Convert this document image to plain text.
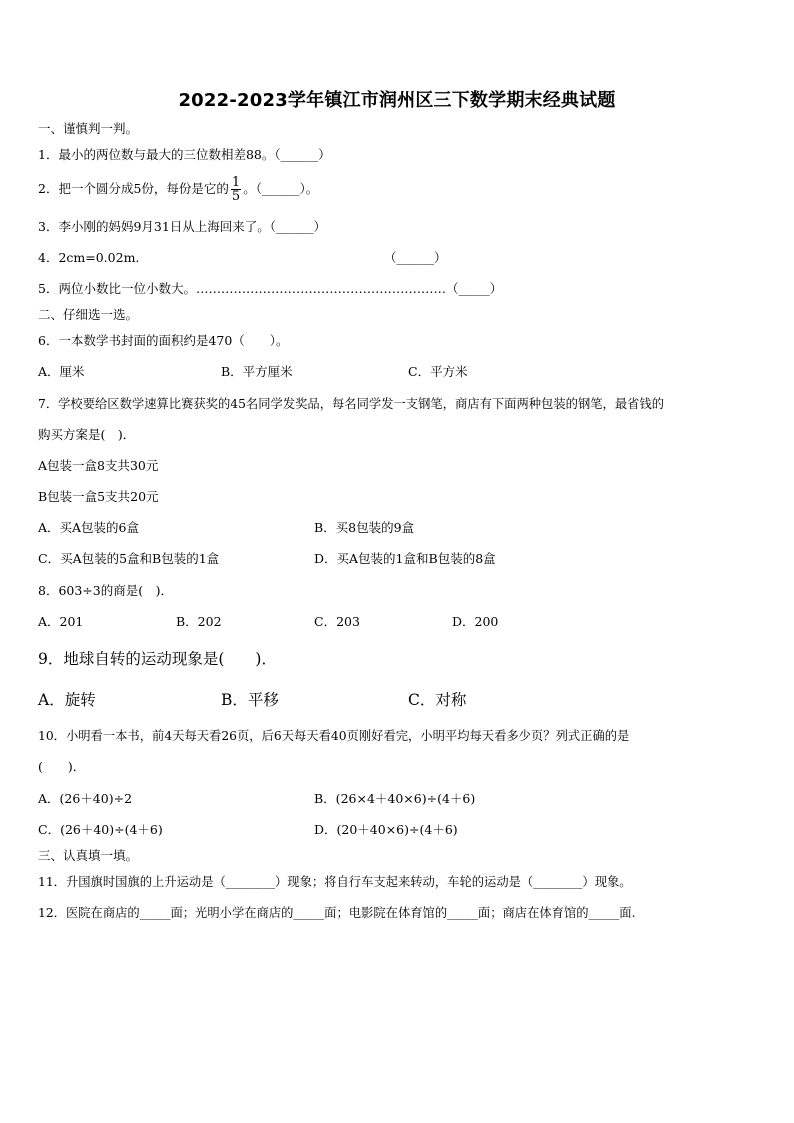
2022-2023学年镇江市润州区三下数学期末经典试题
一、谨慎判一判。
1．最小的两位数与最大的三位数相差88。（______）
2．把一个圆分成5份，每份是它的 $\frac{1}{5}$ 。（______）。
3．李小刚的妈妈9月31日从上海回来了。（______）
4．2cm=0.02m.	（______）
5．两位小数比一位小数大。……………………………………………………（_____）
二、仔细选一选。
6．一本数学书封面的面积约是470（　　）。
A．厘米	B．平方厘米	C．平方米
7．学校要给区数学速算比赛获奖的45名同学发奖品，每名同学发一支钢笔，商店有下面两种包装的钢笔，最省钱的
购买方案是(　)．
A包装一盒8支共30元
B包装一盒5支共20元
A．买A包装的6盒	B．买8包装的9盒
C．买A包装的5盒和B包装的1盒	D．买A包装的1盒和B包装的8盒
8．603÷3的商是(　)．
A．201	B．202	C．203	D．200
9．地球自转的运动现象是(　　)．
A．旋转	B．平移	C．对称
10．小明看一本书，前4天每天看26页，后6天每天看40页刚好看完，小明平均每天看多少页？列式正确的是
(　　)．
A．(26＋40)÷2	B．(26×4＋40×6)÷(4＋6)
C．(26＋40)÷(4＋6)	D．(20＋40×6)÷(4＋6)
三、认真填一填。
11．升国旗时国旗的上升运动是（________）现象；将自行车支起来转动，车轮的运动是（________）现象。
12．医院在商店的_____面；光明小学在商店的_____面；电影院在体育馆的_____面；商店在体育馆的_____面.
